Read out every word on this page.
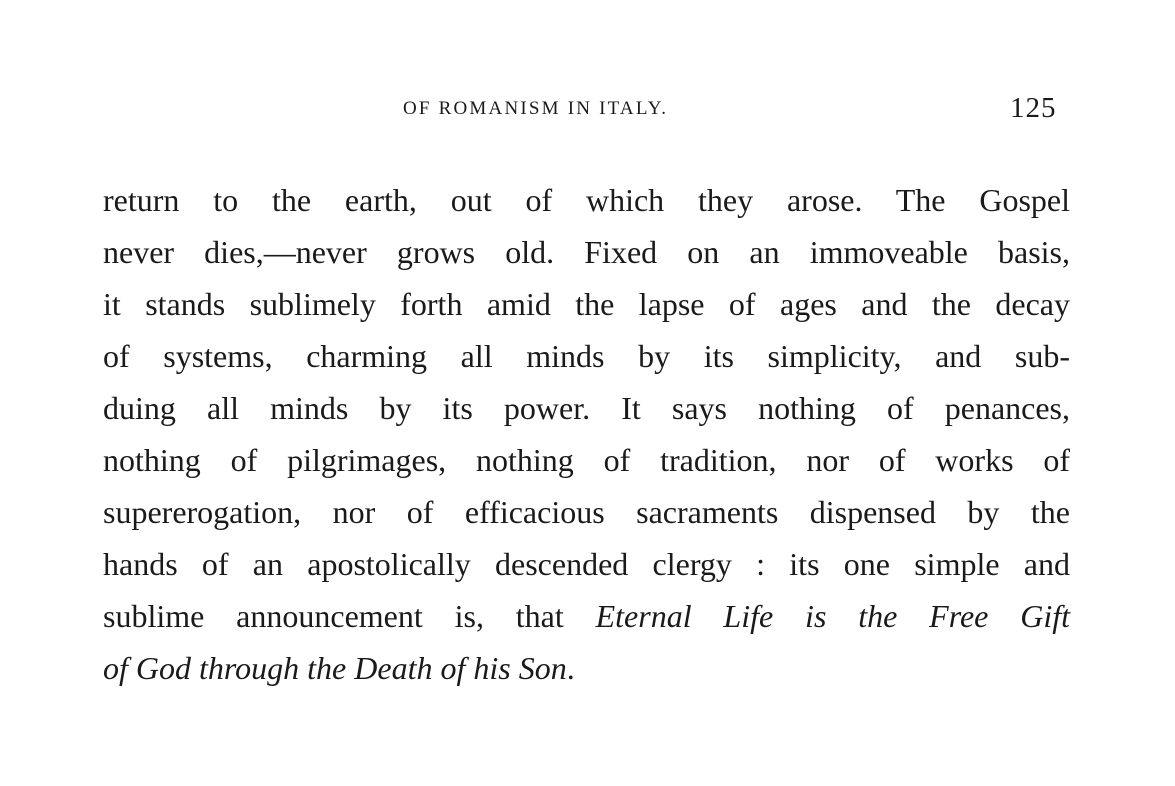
OF ROMANISM IN ITALY.	125
return to the earth, out of which they arose. The Gospel
never dies,—never grows old. Fixed on an immoveable basis,
it stands sublimely forth amid the lapse of ages and the decay
of systems, charming all minds by its simplicity, and sub-
duing all minds by its power. It says nothing of penances,
nothing of pilgrimages, nothing of tradition, nor of works of
supererogation, nor of efficacious sacraments dispensed by the
hands of an apostolically descended clergy : its one simple and
sublime announcement is, that Eternal Life is the Free Gift
of God through the Death of his Son.
